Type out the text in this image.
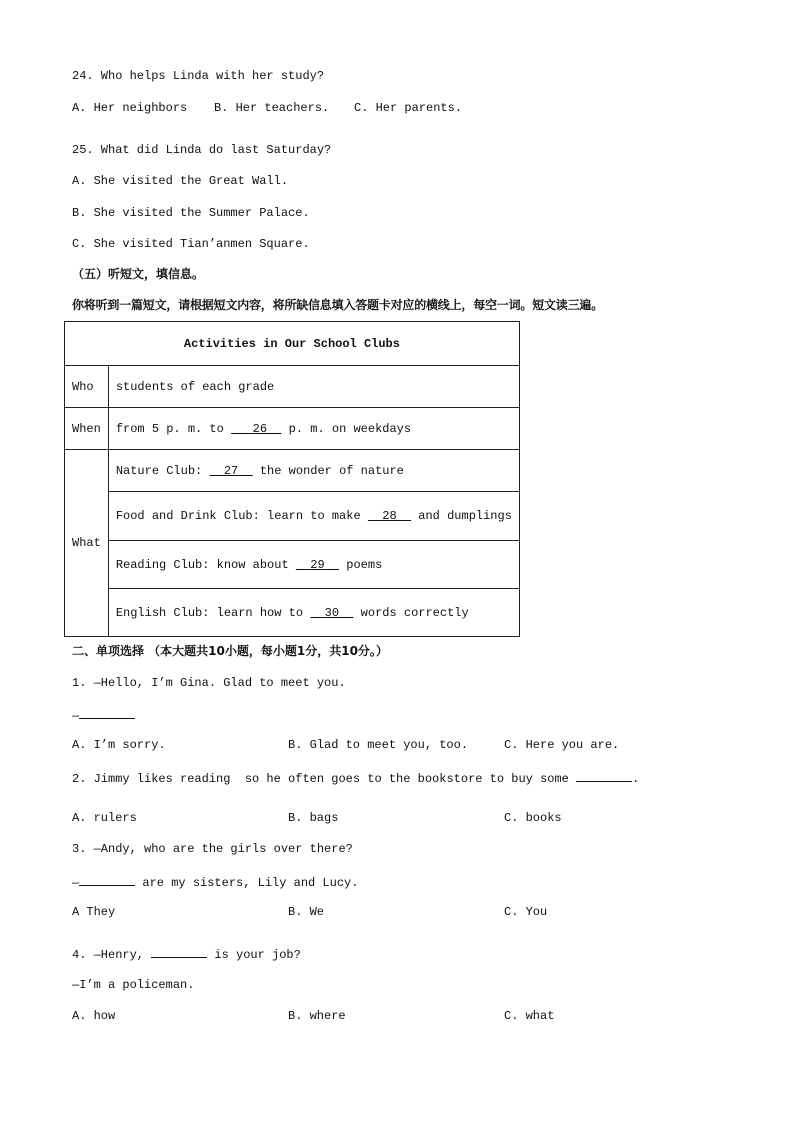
24. Who helps Linda with her study?
A. Her neighbors B. Her teachers. C. Her parents.
25. What did Linda do last Saturday?
A. She visited the Great Wall.
B. She visited the Summer Palace.
C. She visited Tian’anmen Square.
（五）听短文，填信息。
你将听到一篇短文，请根据短文内容，将所缺信息填入答题卡对应的横线上，每空一词。短文读三遍。
Activities in Our School Clubs	
Who	students of each grade
When	from 5 p. m. to    26   p. m. on weekdays
What	Nature Club:   27   the wonder of nature
	Food and Drink Club: learn to make   28   and dumplings
	Reading Club: know about   29   poems
	English Club: learn how to   30   words correctly
二、单项选择 （本大题共10小题，每小题1分，共10分。）
1. —Hello, I’m Gina. Glad to meet you.
—
A. I’m sorry.	B. Glad to meet you, too.	C. Here you are.
2. Jimmy likes reading  so he often goes to the bookstore to buy some	.
A. rulers	B. bags	C. books
3. —Andy, who are the girls over there?
—	are my sisters, Lily and Lucy.
A They	B. We	C. You
4. —Henry,	is your job?
—I’m a policeman.
A. how	B. where	C. what
